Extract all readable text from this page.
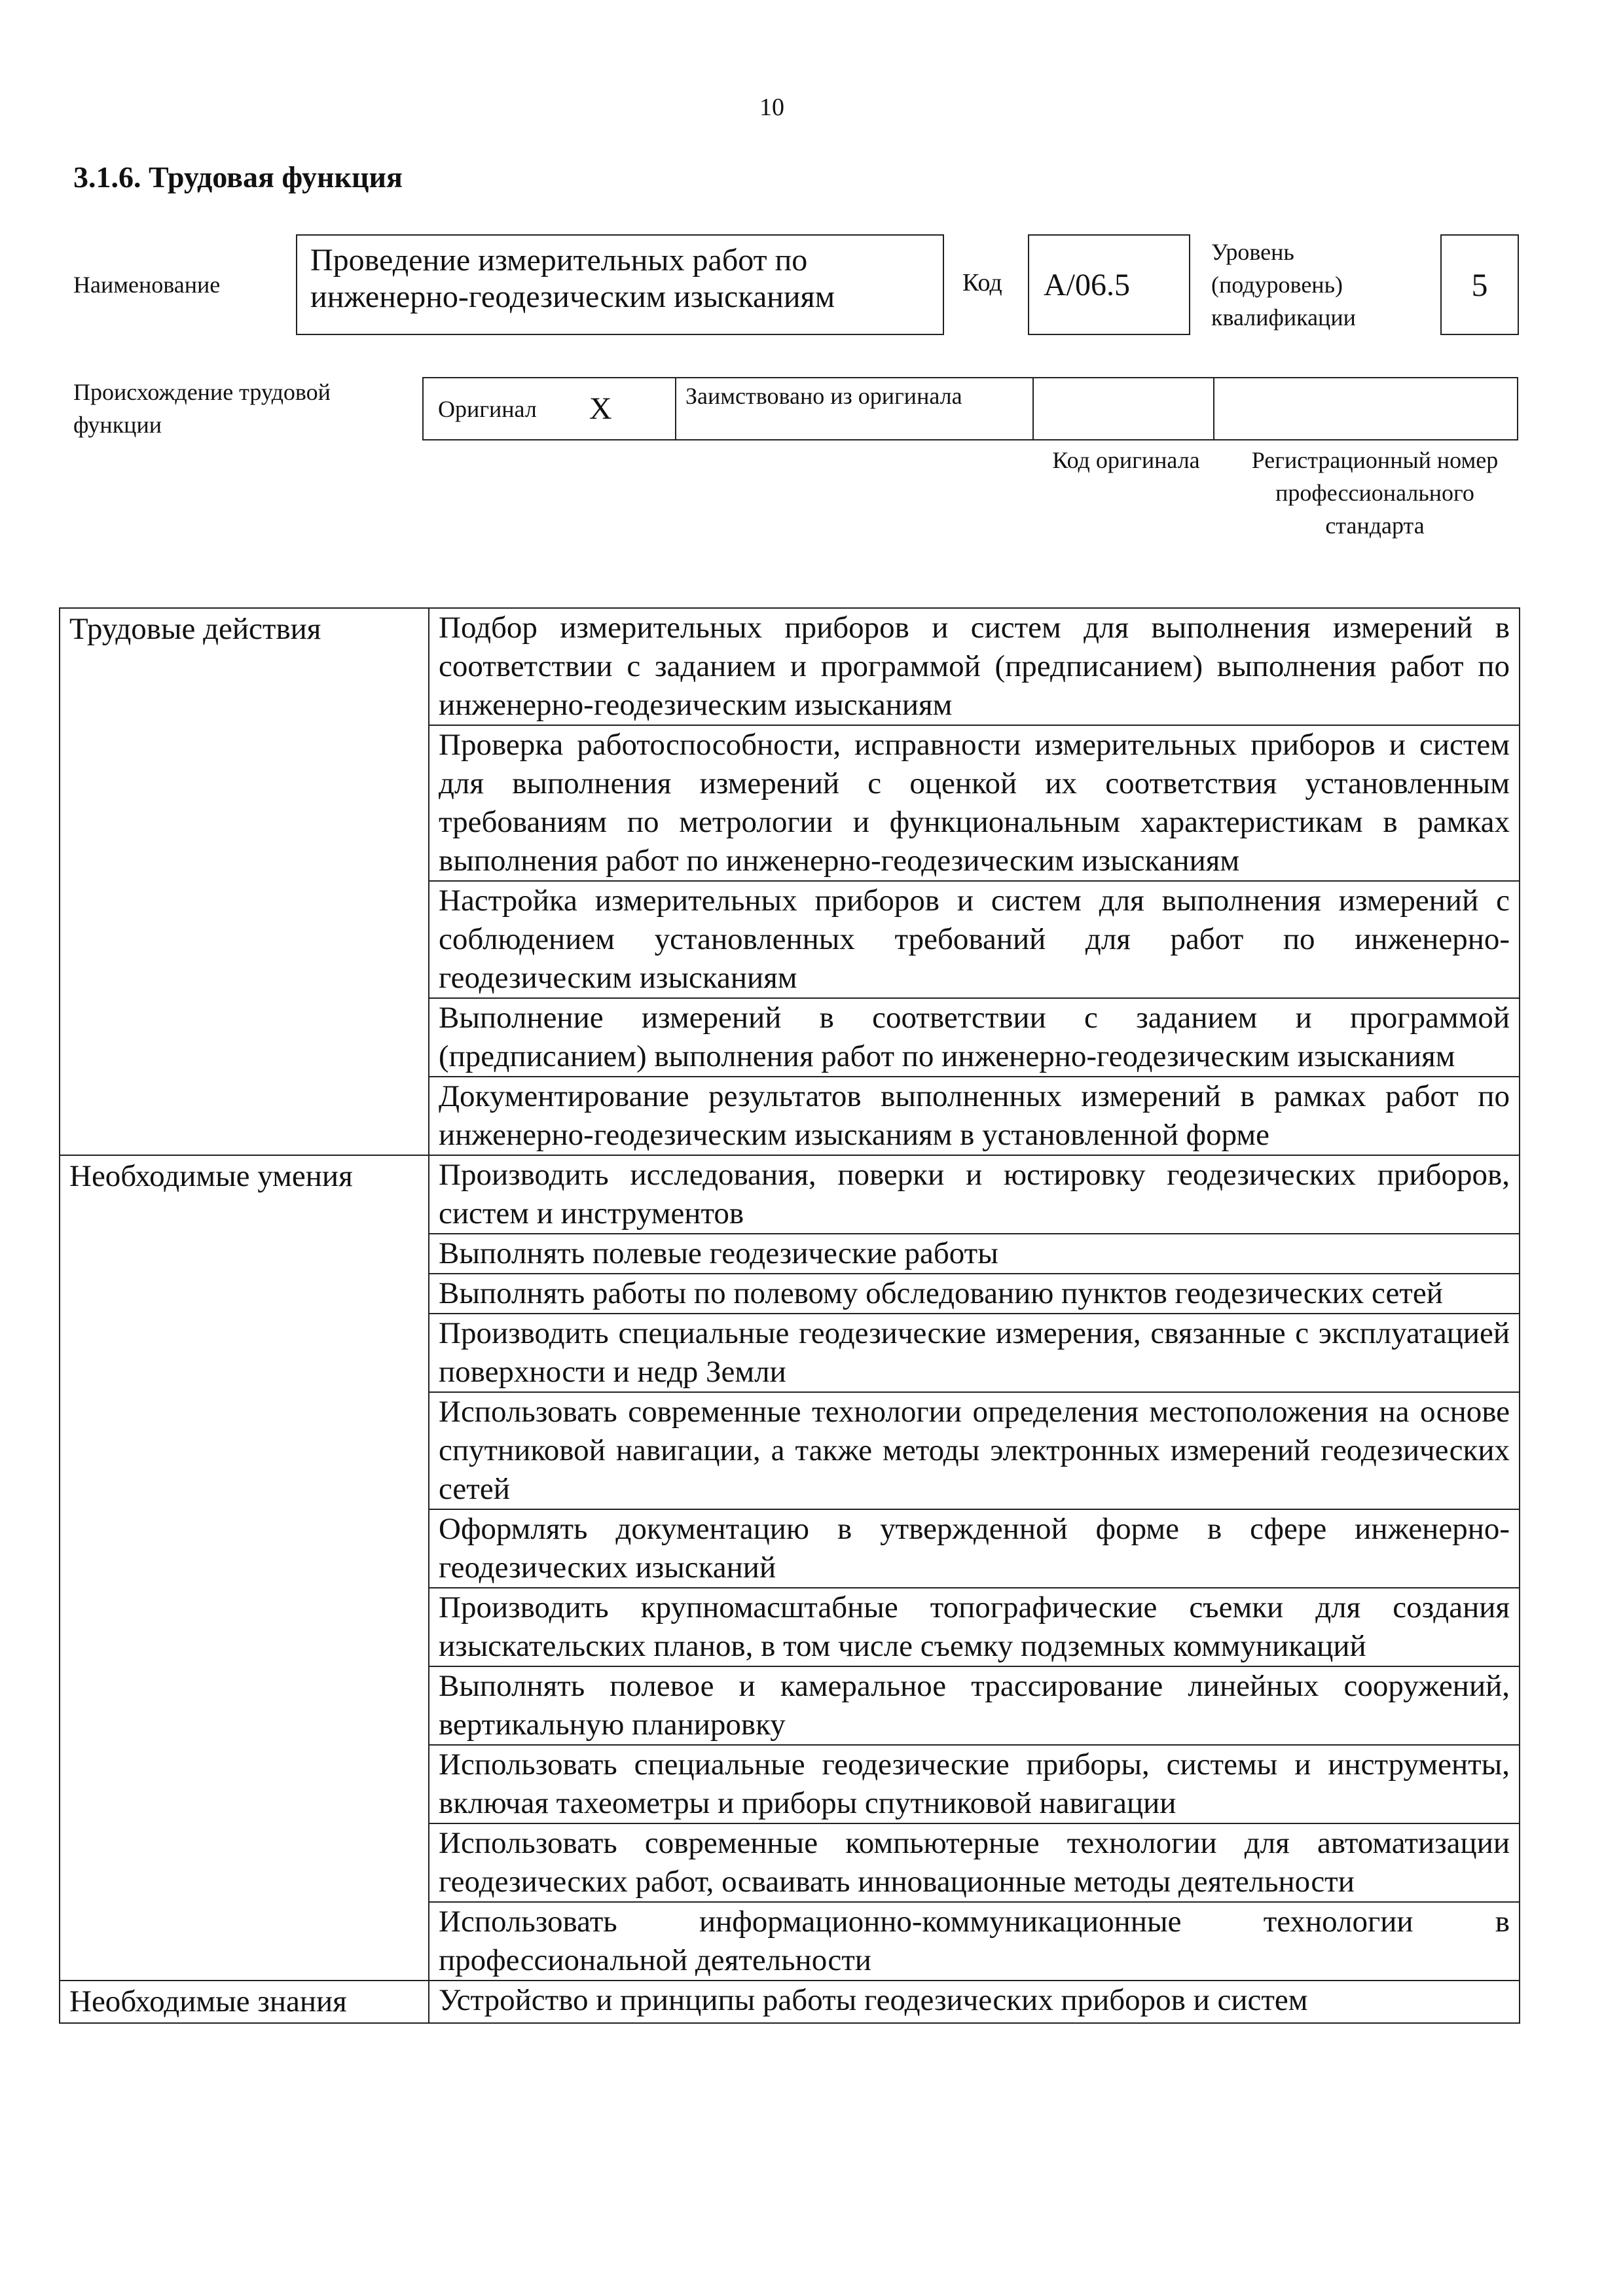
10
3.1.6. Трудовая функция
Наименование
Проведение измерительных работ по инженерно-геодезическим изысканиям	Код A/06.5
Уровень (подуровень) квалификации
5
Происхождение трудовой функции
Оригинал X	Заимствовано из оригинала
Код оригинала	Регистрационный номер профессионального стандарта
Трудовые действия	Подбор измерительных приборов и систем для выполнения измерений в соответствии с заданием и программой (предписанием) выполнения работ по инженерно-геодезическим изысканиям
	Проверка работоспособности, исправности измерительных приборов и систем для выполнения измерений с оценкой их соответствия установленным требованиям по метрологии и функциональным характеристикам в рамках выполнения работ по инженерно-геодезическим изысканиям
	Настройка измерительных приборов и систем для выполнения измерений с соблюдением установленных требований для работ по инженерно-геодезическим изысканиям
	Выполнение измерений в соответствии с заданием и программой (предписанием) выполнения работ по инженерно-геодезическим изысканиям
	Документирование результатов выполненных измерений в рамках работ по инженерно-геодезическим изысканиям в установленной форме
Необходимые умения	Производить исследования, поверки и юстировку геодезических приборов, систем и инструментов
	Выполнять полевые геодезические работы
	Выполнять работы по полевому обследованию пунктов геодезических сетей
	Производить специальные геодезические измерения, связанные с эксплуатацией поверхности и недр Земли
	Использовать современные технологии определения местоположения на основе спутниковой навигации, а также методы электронных измерений геодезических сетей
	Оформлять документацию в утвержденной форме в сфере инженерно-геодезических изысканий
	Производить крупномасштабные топографические съемки для создания изыскательских планов, в том числе съемку подземных коммуникаций
	Выполнять полевое и камеральное трассирование линейных сооружений, вертикальную планировку
	Использовать специальные геодезические приборы, системы и инструменты, включая тахеометры и приборы спутниковой навигации
	Использовать современные компьютерные технологии для автоматизации геодезических работ, осваивать инновационные методы деятельности
	Использовать информационно-коммуникационные технологии в профессиональной деятельности
Необходимые знания	Устройство и принципы работы геодезических приборов и систем
